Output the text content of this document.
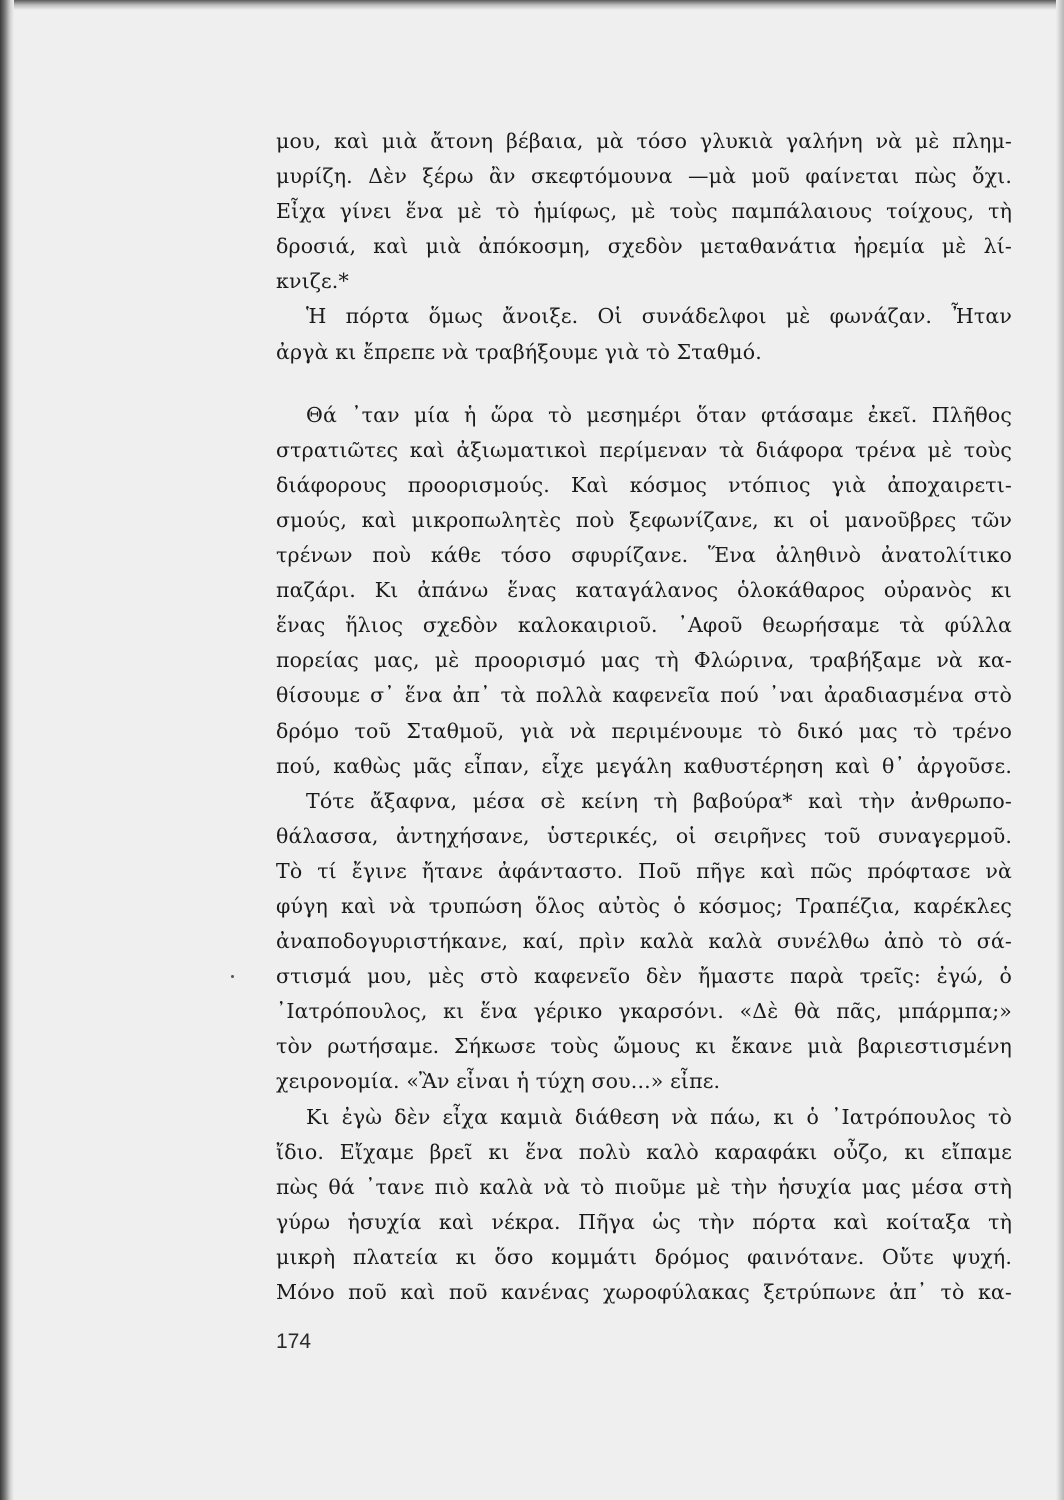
μου, καὶ μιὰ ἄτονη βέβαια, μὰ τόσο γλυκιὰ γαλήνη νὰ μὲ πλημ-
μυρίζη. Δὲν ξέρω ἂν σκεφτόμουνα —μὰ μοῦ φαίνεται πὼς ὄχι.
Εἶχα γίνει ἕνα μὲ τὸ ἡμίφως, μὲ τοὺς παμπάλαιους τοίχους, τὴ
δροσιά, καὶ μιὰ ἀπόκοσμη, σχεδὸν μεταθανάτια ἠρεμία μὲ λί-
κνιζε.*
Ἡ πόρτα ὅμως ἄνοιξε. Οἱ συνάδελφοι μὲ φωνάζαν. Ἦταν
ἀργὰ κι ἔπρεπε νὰ τραβήξουμε γιὰ τὸ Σταθμό.
Θά ᾽ταν μία ἡ ὥρα τὸ μεσημέρι ὅταν φτάσαμε ἐκεῖ. Πλῆθος
στρατιῶτες καὶ ἀξιωματικοὶ περίμεναν τὰ διάφορα τρένα μὲ τοὺς
διάφορους προορισμούς. Καὶ κόσμος ντόπιος γιὰ ἀποχαιρετι-
σμούς, καὶ μικροπωλητὲς ποὺ ξεφωνίζανε, κι οἱ μανοῦβρες τῶν
τρένων ποὺ κάθε τόσο σφυρίζανε. Ἕνα ἀληθινὸ ἀνατολίτικο
παζάρι. Κι ἀπάνω ἕνας καταγάλανος ὁλοκάθαρος οὐρανὸς κι
ἕνας ἥλιος σχεδὸν καλοκαιριοῦ. ᾽Αφοῦ θεωρήσαμε τὰ φύλλα
πορείας μας, μὲ προορισμό μας τὴ Φλώρινα, τραβήξαμε νὰ κα-
θίσουμε σ᾽ ἕνα ἀπ᾽ τὰ πολλὰ καφενεῖα πού ᾽ναι ἀραδιασμένα στὸ
δρόμο τοῦ Σταθμοῦ, γιὰ νὰ περιμένουμε τὸ δικό μας τὸ τρένο
πού, καθὼς μᾶς εἶπαν, εἶχε μεγάλη καθυστέρηση καὶ θ᾽ ἀργοῦσε.
Τότε ἄξαφνα, μέσα σὲ κείνη τὴ βαβούρα* καὶ τὴν ἀνθρωπο-
θάλασσα, ἀντηχήσανε, ὑστερικές, οἱ σειρῆνες τοῦ συναγερμοῦ.
Τὸ τί ἔγινε ἤτανε ἀφάνταστο. Ποῦ πῆγε καὶ πῶς πρόφτασε νὰ
φύγη καὶ νὰ τρυπώση ὅλος αὐτὸς ὁ κόσμος; Τραπέζια, καρέκλες
ἀναποδογυριστήκανε, καί, πρὶν καλὰ καλὰ συνέλθω ἀπὸ τὸ σά-
στισμά μου, μὲς στὸ καφενεῖο δὲν ἤμαστε παρὰ τρεῖς: ἐγώ, ὁ
᾽Ιατρόπουλος, κι ἕνα γέρικο γκαρσόνι. «Δὲ θὰ πᾶς, μπάρμπα;»
τὸν ρωτήσαμε. Σήκωσε τοὺς ὤμους κι ἔκανε μιὰ βαριεστισμένη
χειρονομία. «Ἂν εἶναι ἡ τύχη σου...» εἶπε.
Κι ἐγὼ δὲν εἶχα καμιὰ διάθεση νὰ πάω, κι ὁ ᾽Ιατρόπουλος τὸ
ἴδιο. Εἴχαμε βρεῖ κι ἕνα πολὺ καλὸ καραφάκι οὖζο, κι εἴπαμε
πὼς θά ᾽τανε πιὸ καλὰ νὰ τὸ πιοῦμε μὲ τὴν ἡσυχία μας μέσα στὴ
γύρω ἡσυχία καὶ νέκρα. Πῆγα ὡς τὴν πόρτα καὶ κοίταξα τὴ
μικρὴ πλατεία κι ὅσο κομμάτι δρόμος φαινότανε. Οὔτε ψυχή.
Μόνο ποῦ καὶ ποῦ κανένας χωροφύλακας ξετρύπωνε ἀπ᾽ τὸ κα-
174
